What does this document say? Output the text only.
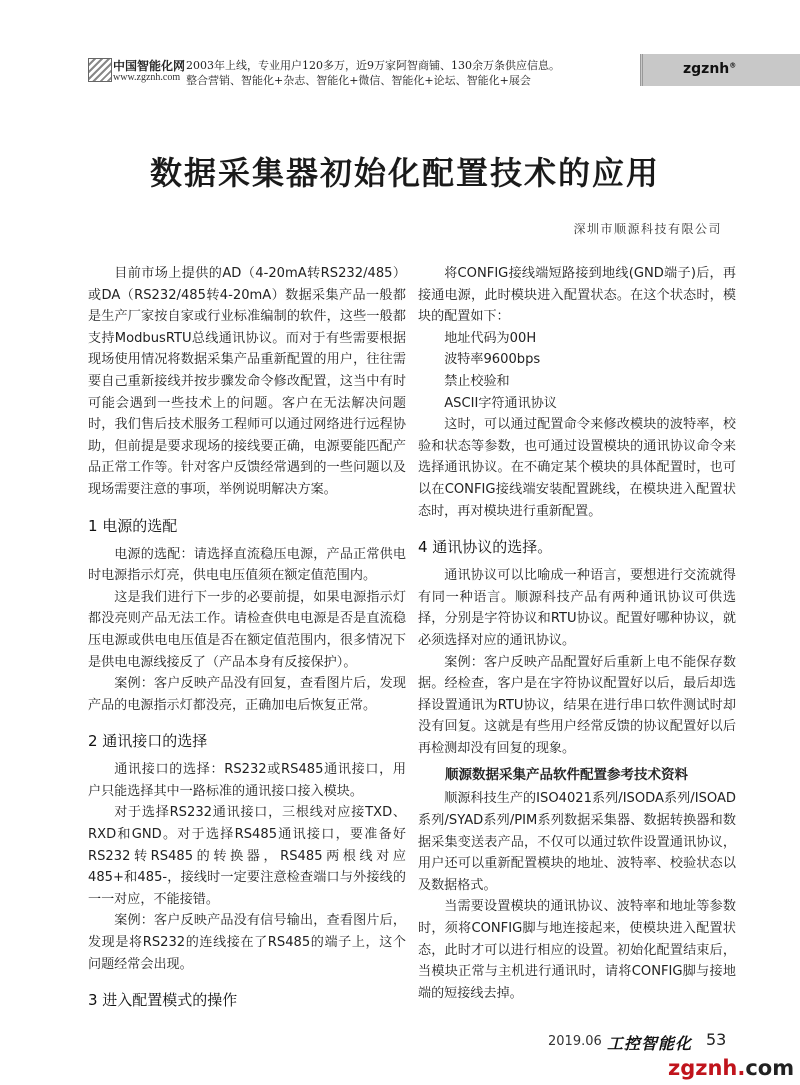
中国智能化网
www.zgznh.com
2003年上线，专业用户120多万，近9万家阿智商铺、130余万条供应信息。
整合营销、智能化+杂志、智能化+微信、智能化+论坛、智能化+展会
zgznh®
数据采集器初始化配置技术的应用
深圳市顺源科技有限公司

目前市场上提供的AD（4-20mA转RS232/485）或DA（RS232/485转4-20mA）数据采集产品一般都是生产厂家按自家或行业标准编制的软件，这些一般都支持ModbusRTU总线通讯协议。而对于有些需要根据现场使用情况将数据采集产品重新配置的用户，往往需要自己重新接线并按步骤发命令修改配置，这当中有时可能会遇到一些技术上的问题。客户在无法解决问题时，我们售后技术服务工程师可以通过网络进行远程协助，但前提是要求现场的接线要正确，电源要能匹配产品正常工作等。针对客户反馈经常遇到的一些问题以及现场需要注意的事项，举例说明解决方案。

1 电源的选配

电源的选配：请选择直流稳压电源，产品正常供电时电源指示灯亮，供电电压值须在额定值范围内。

这是我们进行下一步的必要前提，如果电源指示灯都没亮则产品无法工作。请检查供电电源是否是直流稳压电源或供电电压值是否在额定值范围内，很多情况下是供电电源线接反了（产品本身有反接保护）。

案例：客户反映产品没有回复，查看图片后，发现产品的电源指示灯都没亮，正确加电后恢复正常。

2 通讯接口的选择

通讯接口的选择：RS232或RS485通讯接口，用户只能选择其中一路标准的通讯接口接入模块。

对于选择RS232通讯接口，三根线对应接TXD、RXD和GND。对于选择RS485通讯接口，要准备好RS232转RS485的转换器，RS485两根线对应485+和485-，接线时一定要注意检查端口与外接线的一一对应，不能接错。

案例：客户反映产品没有信号输出，查看图片后，发现是将RS232的连线接在了RS485的端子上，这个问题经常会出现。

3 进入配置模式的操作

将CONFIG接线端短路接到地线(GND端子)后，再接通电源，此时模块进入配置状态。在这个状态时，模块的配置如下：

地址代码为00H

波特率9600bps

禁止校验和

ASCII字符通讯协议

这时，可以通过配置命令来修改模块的波特率，校验和状态等参数，也可通过设置模块的通讯协议命令来选择通讯协议。在不确定某个模块的具体配置时，也可以在CONFIG接线端安装配置跳线，在模块进入配置状态时，再对模块进行重新配置。

4 通讯协议的选择。

通讯协议可以比喻成一种语言，要想进行交流就得有同一种语言。顺源科技产品有两种通讯协议可供选择，分别是字符协议和RTU协议。配置好哪种协议，就必须选择对应的通讯协议。

案例：客户反映产品配置好后重新上电不能保存数据。经检查，客户是在字符协议配置好以后，最后却选择设置通讯为RTU协议，结果在进行串口软件测试时却没有回复。这就是有些用户经常反馈的协议配置好以后再检测却没有回复的现象。

顺源数据采集产品软件配置参考技术资料

顺源科技生产的ISO4021系列/ISODA系列/ISOAD系列/SYAD系列/PIM系列数据采集器、数据转换器和数据采集变送表产品，不仅可以通过软件设置通讯协议，用户还可以重新配置模块的地址、波特率、校验状态以及数据格式。

当需要设置模块的通讯协议、波特率和地址等参数时，须将CONFIG脚与地连接起来，使模块进入配置状态，此时才可以进行相应的设置。初始化配置结束后，当模块正常与主机进行通讯时，请将CONFIG脚与接地端的短接线去掉。

2019.06 工控智能化 53
zgznh.com
